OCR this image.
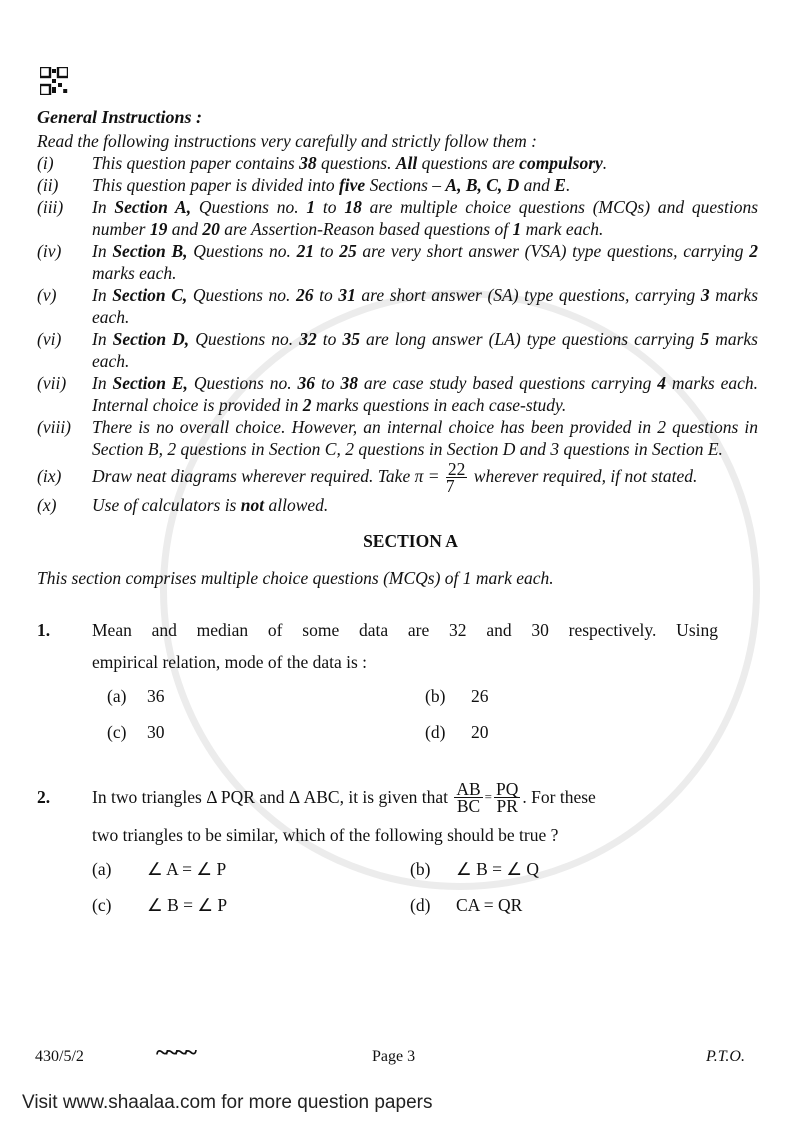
General Instructions :
Read the following instructions very carefully and strictly follow them :
(i) This question paper contains 38 questions. All questions are compulsory.
(ii) This question paper is divided into five Sections – A, B, C, D and E.
(iii) In Section A, Questions no. 1 to 18 are multiple choice questions (MCQs) and questions number 19 and 20 are Assertion-Reason based questions of 1 mark each.
(iv) In Section B, Questions no. 21 to 25 are very short answer (VSA) type questions, carrying 2 marks each.
(v) In Section C, Questions no. 26 to 31 are short answer (SA) type questions, carrying 3 marks each.
(vi) In Section D, Questions no. 32 to 35 are long answer (LA) type questions carrying 5 marks each.
(vii) In Section E, Questions no. 36 to 38 are case study based questions carrying 4 marks each. Internal choice is provided in 2 marks questions in each case-study.
(viii) There is no overall choice. However, an internal choice has been provided in 2 questions in Section B, 2 questions in Section C, 2 questions in Section D and 3 questions in Section E.
(ix) Draw neat diagrams wherever required. Take $\pi = \frac{22}{7}$ wherever required, if not stated.
(x) Use of calculators is not allowed.
SECTION A
This section comprises multiple choice questions (MCQs) of 1 mark each.
1. Mean and median of some data are 32 and 30 respectively. Using
empirical relation, mode of the data is :
(a)	36	(b)	26
(c)	30	(d)	20
2. In two triangles Δ PQR and Δ ABC, it is given that
$\frac{AB}{BC} = \frac{PQ}{PR}$ . For these
two triangles to be similar, which of the following should be true ?
(a)	∠ A = ∠ P	(b)	∠ B = ∠ Q
(c)	∠ B = ∠ P	(d)	CA = QR
430/5/2	~~~~	Page 3	P.T.O.
Visit www.shaalaa.com for more question papers
